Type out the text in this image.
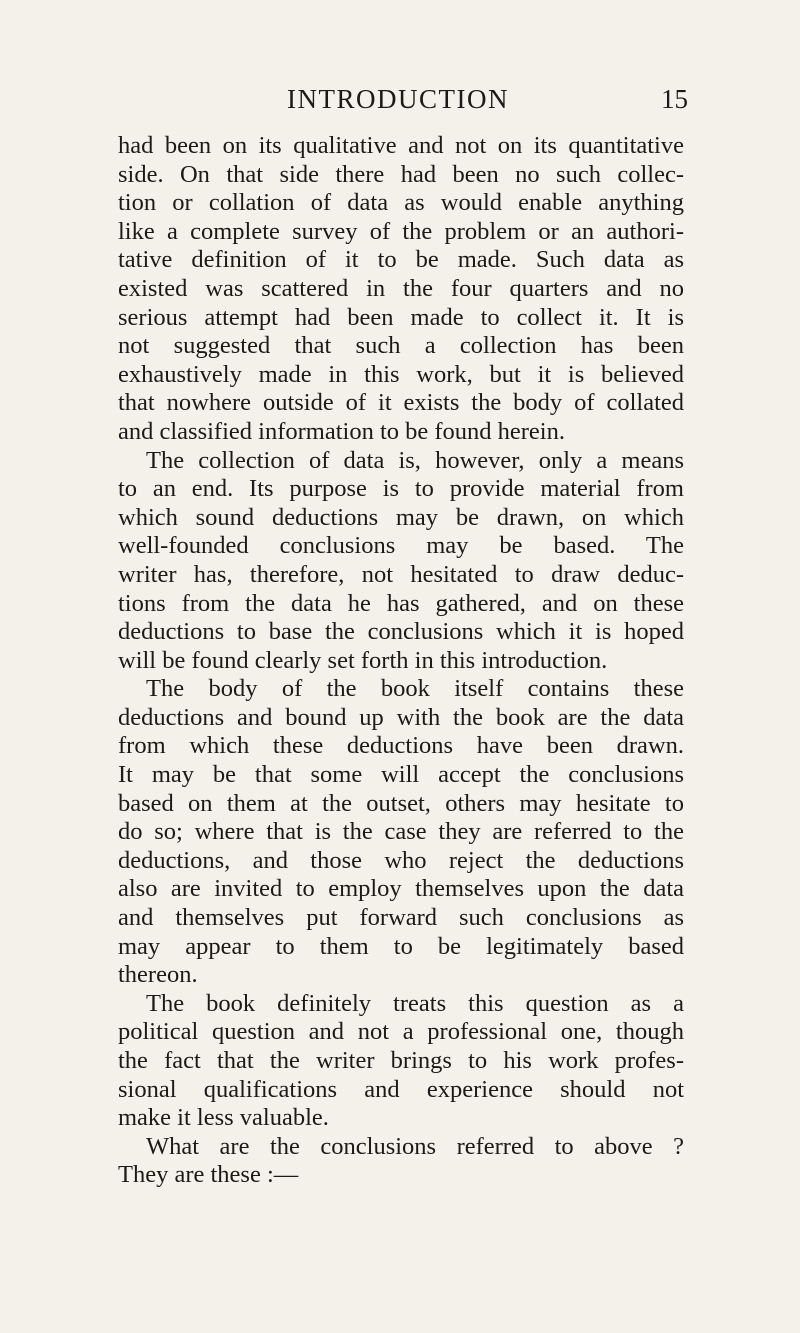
INTRODUCTION	15
had been on its qualitative and not on its quantitative
side. On that side there had been no such collec-
tion or collation of data as would enable anything
like a complete survey of the problem or an authori-
tative definition of it to be made. Such data as
existed was scattered in the four quarters and no
serious attempt had been made to collect it. It is
not suggested that such a collection has been
exhaustively made in this work, but it is believed
that nowhere outside of it exists the body of collated
and classified information to be found herein.
The collection of data is, however, only a means
to an end. Its purpose is to provide material from
which sound deductions may be drawn, on which
well-founded conclusions may be based. The
writer has, therefore, not hesitated to draw deduc-
tions from the data he has gathered, and on these
deductions to base the conclusions which it is hoped
will be found clearly set forth in this introduction.
The body of the book itself contains these
deductions and bound up with the book are the data
from which these deductions have been drawn.
It may be that some will accept the conclusions
based on them at the outset, others may hesitate to
do so; where that is the case they are referred to the
deductions, and those who reject the deductions
also are invited to employ themselves upon the data
and themselves put forward such conclusions as
may appear to them to be legitimately based
thereon.
The book definitely treats this question as a
political question and not a professional one, though
the fact that the writer brings to his work profes-
sional qualifications and experience should not
make it less valuable.
What are the conclusions referred to above ?
They are these :—
